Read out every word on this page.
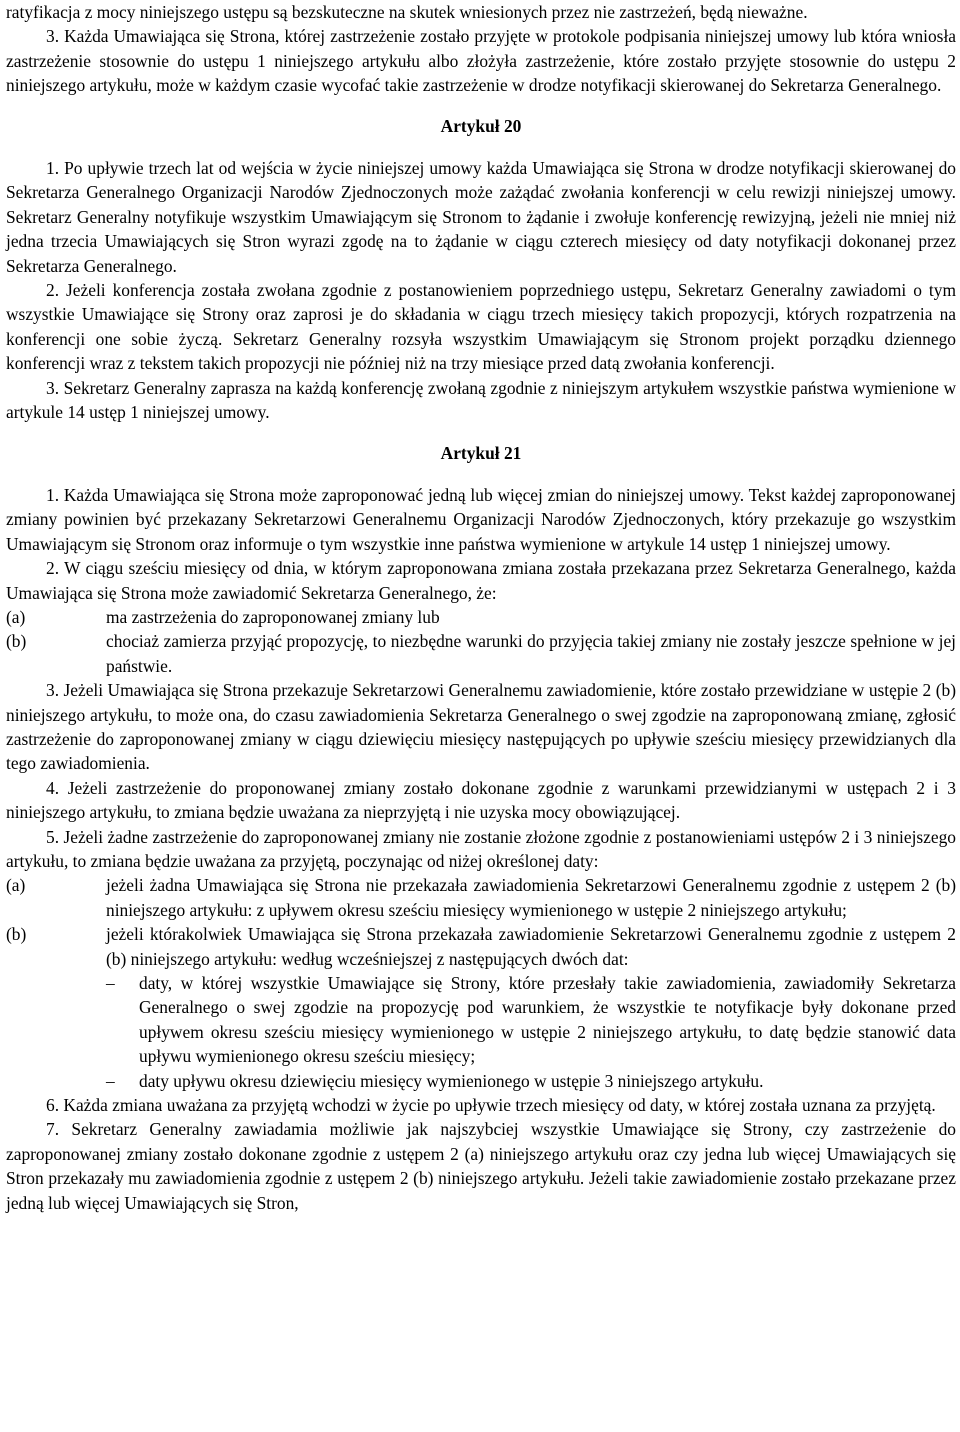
ratyfikacja z mocy niniejszego ustępu są bezskuteczne na skutek wniesionych przez nie zastrzeżeń, będą nieważne.

3. Każda Umawiająca się Strona, której zastrzeżenie zostało przyjęte w protokole podpisania niniejszej umowy lub która wniosła zastrzeżenie stosownie do ustępu 1 niniejszego artykułu albo złożyła zastrzeżenie, które zostało przyjęte stosownie do ustępu 2 niniejszego artykułu, może w każdym czasie wycofać takie zastrzeżenie w drodze notyfikacji skierowanej do Sekretarza Generalnego.

Artykuł 20

1. Po upływie trzech lat od wejścia w życie niniejszej umowy każda Umawiająca się Strona w drodze notyfikacji skierowanej do Sekretarza Generalnego Organizacji Narodów Zjednoczonych może zażądać zwołania konferencji w celu rewizji niniejszej umowy. Sekretarz Generalny notyfikuje wszystkim Umawiającym się Stronom to żądanie i zwołuje konferencję rewizyjną, jeżeli nie mniej niż jedna trzecia Umawiających się Stron wyrazi zgodę na to żądanie w ciągu czterech miesięcy od daty notyfikacji dokonanej przez Sekretarza Generalnego.

2. Jeżeli konferencja została zwołana zgodnie z postanowieniem poprzedniego ustępu, Sekretarz Generalny zawiadomi o tym wszystkie Umawiające się Strony oraz zaprosi je do składania w ciągu trzech miesięcy takich propozycji, których rozpatrzenia na konferencji one sobie życzą. Sekretarz Generalny rozsyła wszystkim Umawiającym się Stronom projekt porządku dziennego konferencji wraz z tekstem takich propozycji nie później niż na trzy miesiące przed datą zwołania konferencji.

3. Sekretarz Generalny zaprasza na każdą konferencję zwołaną zgodnie z niniejszym artykułem wszystkie państwa wymienione w artykule 14 ustęp 1 niniejszej umowy.

Artykuł 21

1. Każda Umawiająca się Strona może zaproponować jedną lub więcej zmian do niniejszej umowy. Tekst każdej zaproponowanej zmiany powinien być przekazany Sekretarzowi Generalnemu Organizacji Narodów Zjednoczonych, który przekazuje go wszystkim Umawiającym się Stronom oraz informuje o tym wszystkie inne państwa wymienione w artykule 14 ustęp 1 niniejszej umowy.

2. W ciągu sześciu miesięcy od dnia, w którym zaproponowana zmiana została przekazana przez Sekretarza Generalnego, każda Umawiająca się Strona może zawiadomić Sekretarza Generalnego, że:

(a)	ma zastrzeżenia do zaproponowanej zmiany lub
(b)	chociaż zamierza przyjąć propozycję, to niezbędne warunki do przyjęcia takiej zmiany nie zostały jeszcze spełnione w jej państwie.

3. Jeżeli Umawiająca się Strona przekazuje Sekretarzowi Generalnemu zawiadomienie, które zostało przewidziane w ustępie 2 (b) niniejszego artykułu, to może ona, do czasu zawiadomienia Sekretarza Generalnego o swej zgodzie na zaproponowaną zmianę, zgłosić zastrzeżenie do zaproponowanej zmiany w ciągu dziewięciu miesięcy następujących po upływie sześciu miesięcy przewidzianych dla tego zawiadomienia.

4. Jeżeli zastrzeżenie do proponowanej zmiany zostało dokonane zgodnie z warunkami przewidzianymi w ustępach 2 i 3 niniejszego artykułu, to zmiana będzie uważana za nieprzyjętą i nie uzyska mocy obowiązującej.

5. Jeżeli żadne zastrzeżenie do zaproponowanej zmiany nie zostanie złożone zgodnie z postanowieniami ustępów 2 i 3 niniejszego artykułu, to zmiana będzie uważana za przyjętą, poczynając od niżej określonej daty:

(a)	jeżeli żadna Umawiająca się Strona nie przekazała zawiadomienia Sekretarzowi Generalnemu zgodnie z ustępem 2 (b) niniejszego artykułu: z upływem okresu sześciu miesięcy wymienionego w ustępie 2 niniejszego artykułu;
(b)	jeżeli którakolwiek Umawiająca się Strona przekazała zawiadomienie Sekretarzowi Generalnemu zgodnie z ustępem 2 (b) niniejszego artykułu: według wcześniejszej z następujących dwóch dat:
– daty, w której wszystkie Umawiające się Strony, które przesłały takie zawiadomienia, zawiadomiły Sekretarza Generalnego o swej zgodzie na propozycję pod warunkiem, że wszystkie te notyfikacje były dokonane przed upływem okresu sześciu miesięcy wymienionego w ustępie 2 niniejszego artykułu, to datę będzie stanowić data upływu wymienionego okresu sześciu miesięcy;
– daty upływu okresu dziewięciu miesięcy wymienionego w ustępie 3 niniejszego artykułu.

6. Każda zmiana uważana za przyjętą wchodzi w życie po upływie trzech miesięcy od daty, w której została uznana za przyjętą.

7. Sekretarz Generalny zawiadamia możliwie jak najszybciej wszystkie Umawiające się Strony, czy zastrzeżenie do zaproponowanej zmiany zostało dokonane zgodnie z ustępem 2 (a) niniejszego artykułu oraz czy jedna lub więcej Umawiających się Stron przekazały mu zawiadomienia zgodnie z ustępem 2 (b) niniejszego artykułu. Jeżeli takie zawiadomienie zostało przekazane przez jedną lub więcej Umawiających się Stron,
